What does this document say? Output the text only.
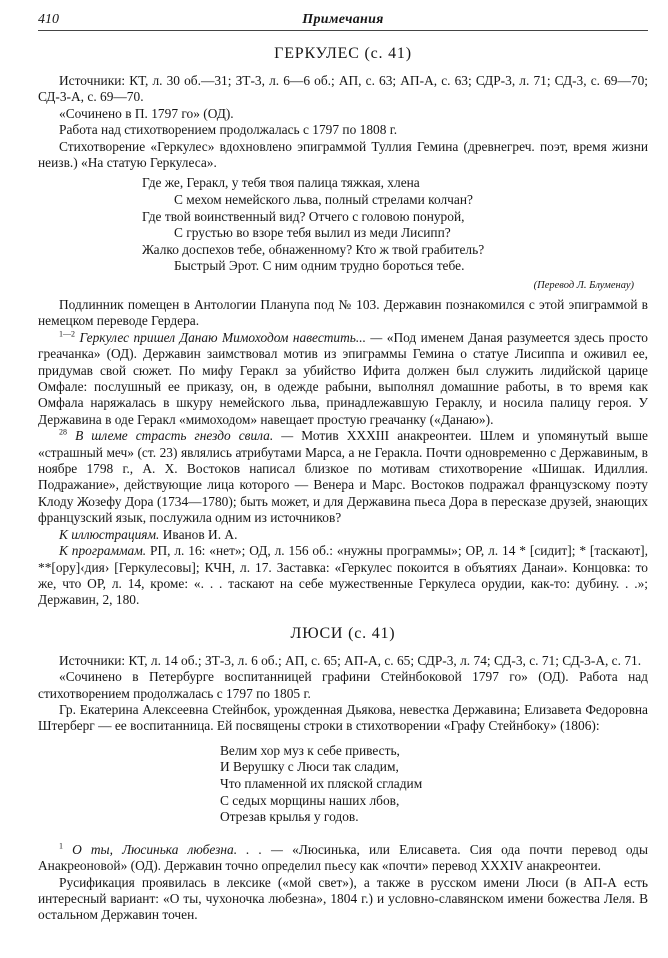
410	Примечания
ГЕРКУЛЕС (с. 41)

Источники: КТ, л. 30 об.—31; ЗТ-3, л. 6—6 об.; АП, с. 63; АП-А, с. 63; СДР-3, л. 71; СД-3, с. 69—70; СД-3-А, с. 69—70.

«Сочинено в П. 1797 го» (ОД).

Работа над стихотворением продолжалась с 1797 по 1808 г.

Стихотворение «Геркулес» вдохновлено эпиграммой Туллия Гемина (древнегреч. поэт, время жизни неизв.) «На статую Геркулеса».

Где же, Геракл, у тебя твоя палица тяжкая, хлена
С мехом немейского льва, полный стрелами колчан?
Где твой воинственный вид? Отчего с головою понурой,
С грустью во взоре тебя вылил из меди Лисипп?
Жалко доспехов тебе, обнаженному? Кто ж твой грабитель?
Быстрый Эрот. С ним одним трудно бороться тебе.
(Перевод Л. Блуменау)

Подлинник помещен в Антологии Планупа под № 103. Державин познакомился с этой эпиграммой в немецком переводе Гердера.

$^{1—2}$ Геркулес пришел Данаю Мимоходом навестить... — «Под именем Даная разумеется здесь просто греачанка» (ОД). Державин заимствовал мотив из эпиграммы Гемина о статуе Лисиппа и оживил ее, придумав свой сюжет. По мифу Геракл за убийство Ифита должен был служить лидийской царице Омфале: послушный ее приказу, он, в одежде рабыни, выполнял домашние работы, в то время как Омфала наряжалась в шкуру немейского льва, принадлежавшую Гераклу, и носила палицу героя. У Державина в оде Геракл «мимоходом» навещает простую греачанку («Данаю»).

$^{28}$ В шлеме страсть гнездо свила. — Мотив XXXIII анакреонтеи. Шлем и упомянутый выше «страшный меч» (ст. 23) являлись атрибутами Марса, а не Геракла. Почти одновременно с Державиным, в ноябре 1798 г., А. Х. Востоков написал близкое по мотивам стихотворение «Шишак. Идиллия. Подражание», действующие лица которого — Венера и Марс. Востоков подражал французскому поэту Клоду Жозефу Дора (1734—1780); быть может, и для Державина пьеса Дора в пересказе друзей, знающих французский язык, послужила одним из источников?

К иллюстрациям. Иванов И. А.

К программам. РП, л. 16: «нет»; ОД, л. 156 об.: «нужны программы»; ОР, л. 14 * [сидит]; * [таскают], **[ору]‹дия› [Геркулесовы]; КЧН, л. 17. Заставка: «Геркулес покоится в объятиях Данаи». Концовка: то же, что ОР, л. 14, кроме: «. . . таскают на себе мужественные Геркулеса орудии, как-то: дубину. . .»; Державин, 2, 180.

ЛЮСИ (с. 41)

Источники: КТ, л. 14 об.; ЗТ-3, л. 6 об.; АП, с. 65; АП-А, с. 65; СДР-3, л. 74; СД-3, с. 71; СД-3-А, с. 71.

«Сочинено в Петербурге воспитанницей графини Стейнбоковой 1797 го» (ОД). Работа над стихотворением продолжалась с 1797 по 1805 г.

Гр. Екатерина Алексеевна Стейнбок, урожденная Дьякова, невестка Державина; Елизавета Федоровна Штерберг — ее воспитанница. Ей посвящены строки в стихотворении «Графу Стейнбоку» (1806):

Велим хор муз к себе привесть,
И Верушку с Люси так сладим,
Что пламенной их пляской сгладим
С седых морщины наших лбов,
Отрезав крылья у годов.

$^1$ О ты, Люсинька любезна. . . — «Люсинька, или Елисавета. Сия ода почти перевод оды Анакреоновой» (ОД). Державин точно определил пьесу как «почти» перевод XXXIV анакреонтеи.

Русификация проявилась в лексике («мой свет»), а также в русском имени Люси (в АП-А есть интересный вариант: «О ты, чухоночка любезна», 1804 г.) и условно-славянском имени божества Леля. В остальном Державин точен.
